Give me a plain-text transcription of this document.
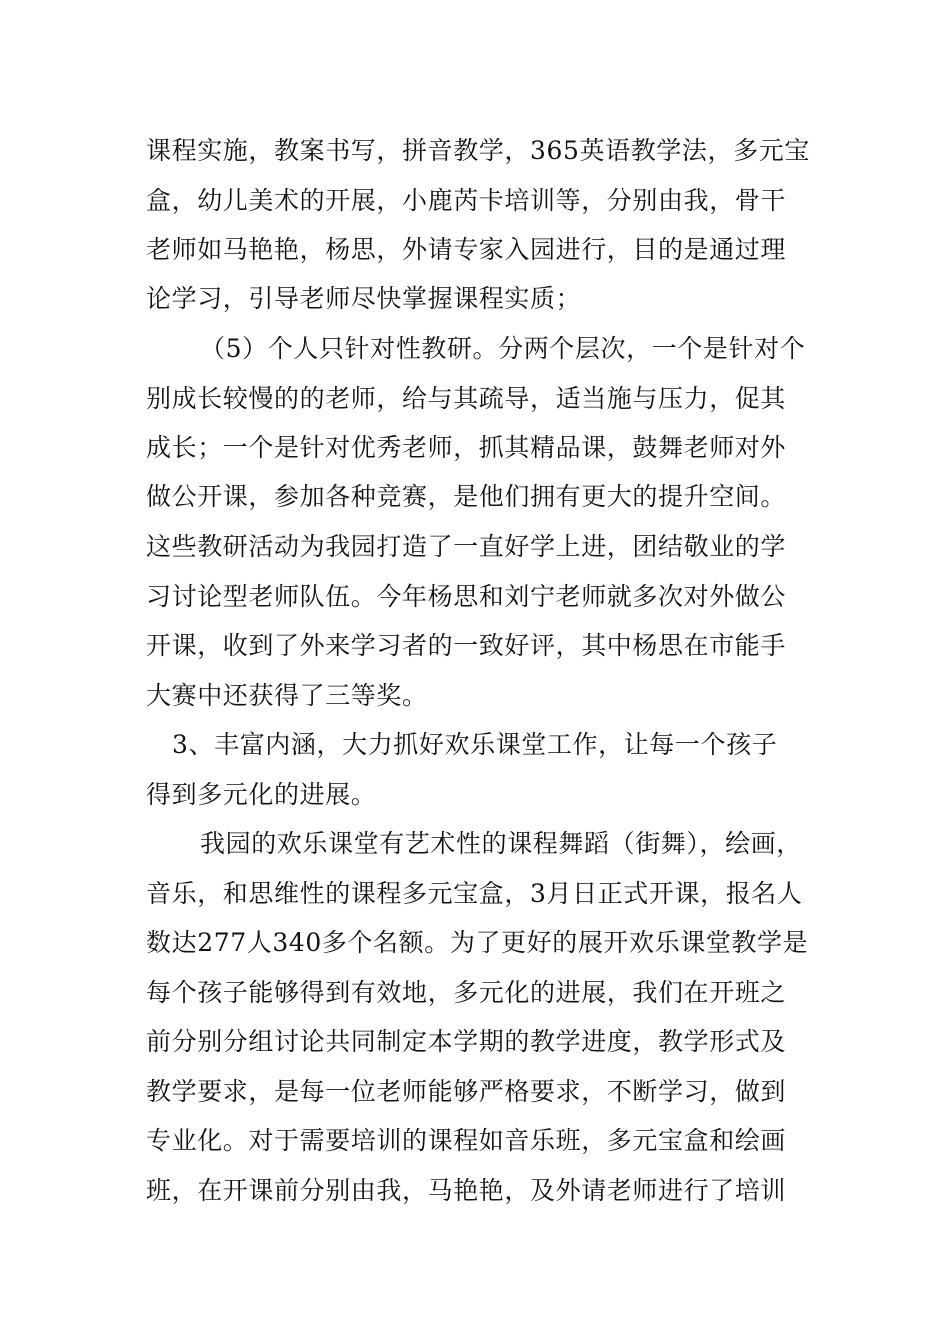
课程实施，教案书写，拼音教学，365英语教学法，多元宝
盒，幼儿美术的开展，小鹿芮卡培训等，分别由我，骨干
老师如马艳艳，杨思，外请专家入园进行，目的是通过理
论学习，引导老师尽快掌握课程实质；
（5）个人只针对性教研。分两个层次，一个是针对个
别成长较慢的的老师，给与其疏导，适当施与压力，促其
成长；一个是针对优秀老师，抓其精品课，鼓舞老师对外
做公开课，参加各种竞赛，是他们拥有更大的提升空间。
这些教研活动为我园打造了一直好学上进，团结敬业的学
习讨论型老师队伍。今年杨思和刘宁老师就多次对外做公
开课，收到了外来学习者的一致好评，其中杨思在市能手
大赛中还获得了三等奖。
3、丰富内涵，大力抓好欢乐课堂工作，让每一个孩子
得到多元化的进展。
我园的欢乐课堂有艺术性的课程舞蹈（街舞），绘画，
音乐，和思维性的课程多元宝盒，3月日正式开课，报名人
数达277人340多个名额。为了更好的展开欢乐课堂教学是
每个孩子能够得到有效地，多元化的进展，我们在开班之
前分别分组讨论共同制定本学期的教学进度，教学形式及
教学要求，是每一位老师能够严格要求，不断学习，做到
专业化。对于需要培训的课程如音乐班，多元宝盒和绘画
班，在开课前分别由我，马艳艳，及外请老师进行了培训
